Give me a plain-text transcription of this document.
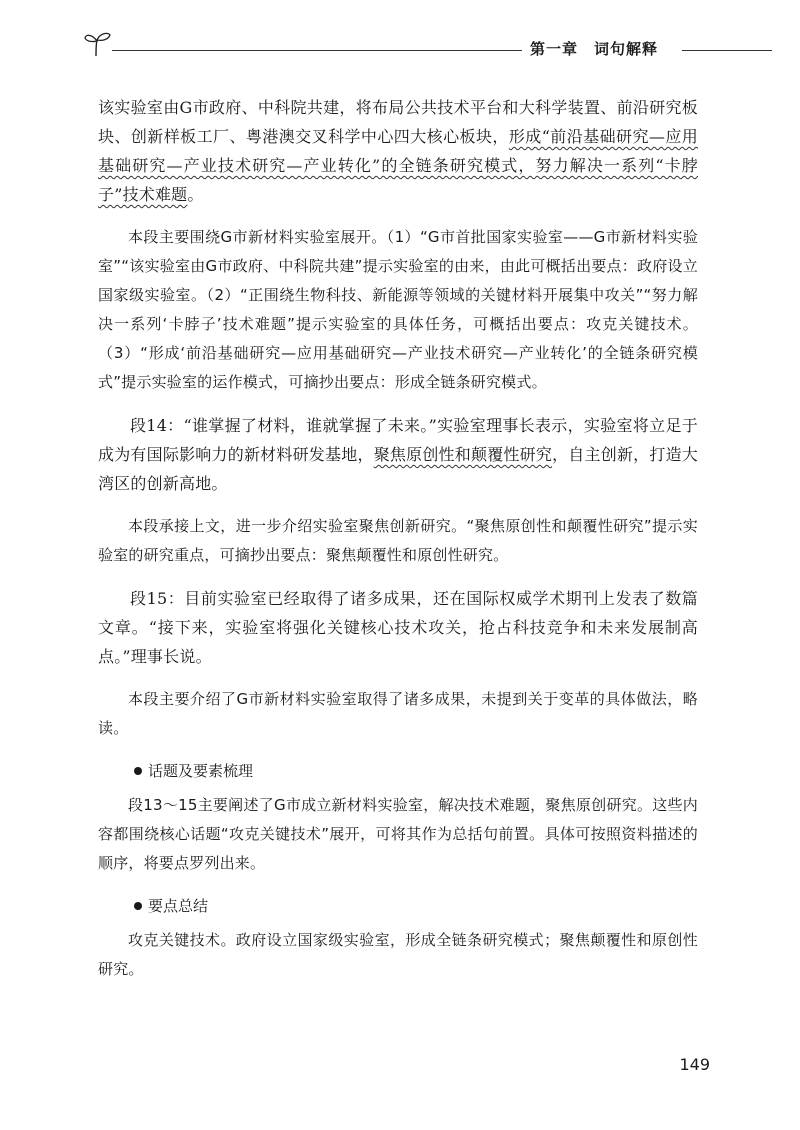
第一章　词句解释

该实验室由G市政府、中科院共建，将布局公共技术平台和大科学装置、前沿研究板块、创新样板工厂、粤港澳交叉科学中心四大核心板块，形成“前沿基础研究—应用基础研究—产业技术研究—产业转化”的全链条研究模式，努力解决一系列“卡脖子”技术难题。

本段主要围绕G市新材料实验室展开。（1）“G市首批国家实验室——G市新材料实验室”“该实验室由G市政府、中科院共建”提示实验室的由来，由此可概括出要点：政府设立国家级实验室。（2）“正围绕生物科技、新能源等领域的关键材料开展集中攻关”“努力解决一系列‘卡脖子’技术难题”提示实验室的具体任务，可概括出要点：攻克关键技术。（3）“形成‘前沿基础研究—应用基础研究—产业技术研究—产业转化’的全链条研究模式”提示实验室的运作模式，可摘抄出要点：形成全链条研究模式。

段14：“谁掌握了材料，谁就掌握了未来。”实验室理事长表示，实验室将立足于成为有国际影响力的新材料研发基地，聚焦原创性和颠覆性研究，自主创新，打造大湾区的创新高地。

本段承接上文，进一步介绍实验室聚焦创新研究。“聚焦原创性和颠覆性研究”提示实验室的研究重点，可摘抄出要点：聚焦颠覆性和原创性研究。

段15：目前实验室已经取得了诸多成果，还在国际权威学术期刊上发表了数篇文章。“接下来，实验室将强化关键核心技术攻关，抢占科技竞争和未来发展制高点。”理事长说。

本段主要介绍了G市新材料实验室取得了诸多成果，未提到关于变革的具体做法，略读。

话题及要素梳理

段13～15主要阐述了G市成立新材料实验室，解决技术难题，聚焦原创研究。这些内容都围绕核心话题“攻克关键技术”展开，可将其作为总括句前置。具体可按照资料描述的顺序，将要点罗列出来。

要点总结

攻克关键技术。政府设立国家级实验室，形成全链条研究模式；聚焦颠覆性和原创性研究。

149
